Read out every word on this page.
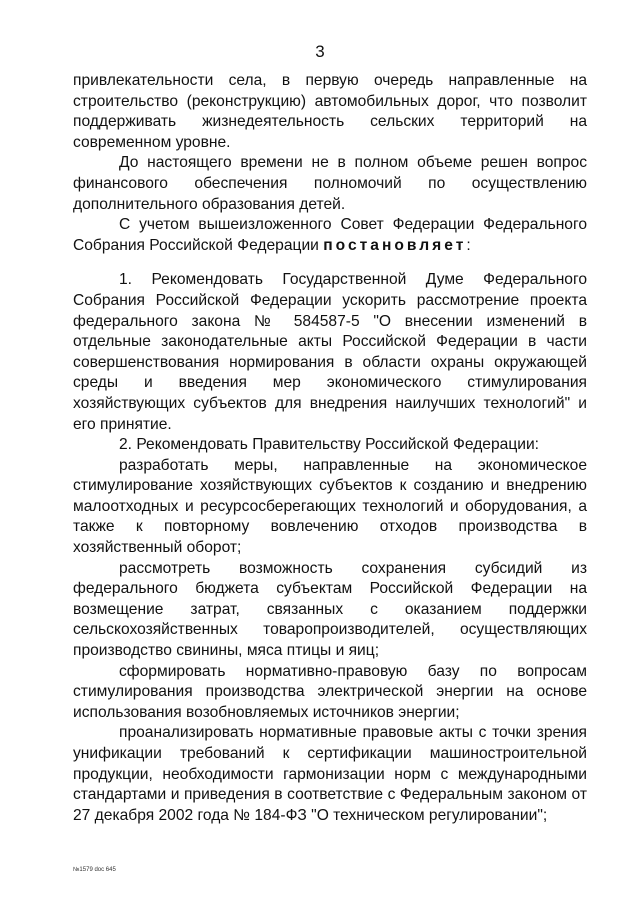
3

привлекательности села, в первую очередь направленные на строительство (реконструкцию) автомобильных дорог, что позволит поддерживать жизнедеятельность сельских территорий на современном уровне.

До настоящего времени не в полном объеме решен вопрос финансового обеспечения полномочий по осуществлению дополнительного образования детей.

С учетом вышеизложенного Совет Федерации Федерального Собрания Российской Федерации постановляет:

1. Рекомендовать Государственной Думе Федерального Собрания Российской Федерации ускорить рассмотрение проекта федерального закона № 584587-5 "О внесении изменений в отдельные законодательные акты Российской Федерации в части совершенствования нормирования в области охраны окружающей среды и введения мер экономического стимулирования хозяйствующих субъектов для внедрения наилучших технологий" и его принятие.

2. Рекомендовать Правительству Российской Федерации:

разработать меры, направленные на экономическое стимулирование хозяйствующих субъектов к созданию и внедрению малоотходных и ресурсосберегающих технологий и оборудования, а также к повторному вовлечению отходов производства в хозяйственный оборот;

рассмотреть возможность сохранения субсидий из федерального бюджета субъектам Российской Федерации на возмещение затрат, связанных с оказанием поддержки сельскохозяйственных товаропроизводителей, осуществляющих производство свинины, мяса птицы и яиц;

сформировать нормативно-правовую базу по вопросам стимулирования производства электрической энергии на основе использования возобновляемых источников энергии;

проанализировать нормативные правовые акты с точки зрения унификации требований к сертификации машиностроительной продукции, необходимости гармонизации норм с международными стандартами и приведения в соответствие с Федеральным законом от 27 декабря 2002 года № 184-ФЗ "О техническом регулировании";

№1579 doc 645
